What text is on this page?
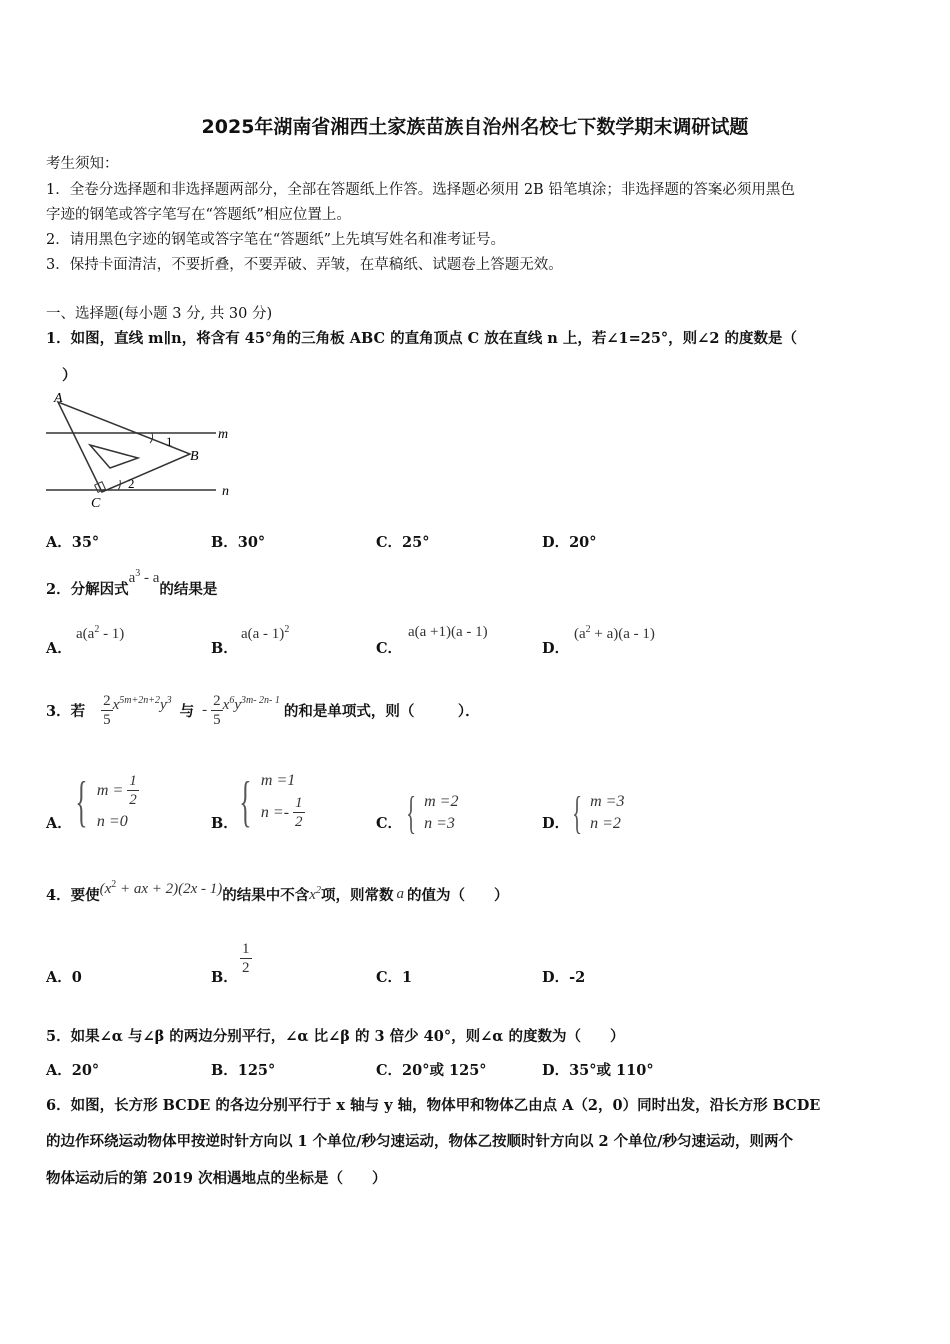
2025年湖南省湘西土家族苗族自治州名校七下数学期末调研试题
考生须知：
1．全卷分选择题和非选择题两部分，全部在答题纸上作答。选择题必须用 2B 铅笔填涂；非选择题的答案必须用黑色
字迹的钢笔或答字笔写在“答题纸”相应位置上。
2．请用黑色字迹的钢笔或答字笔在“答题纸”上先填写姓名和准考证号。
3．保持卡面清洁，不要折叠，不要弄破、弄皱，在草稿纸、试题卷上答题无效。
一、选择题(每小题 3 分, 共 30 分)
1．如图，直线 m∥n，将含有 45°角的三角板 ABC 的直角顶点 C 放在直线 n 上，若∠1=25°，则∠2 的度数是（
）
A
B
C
m
n
1
2
A．35°	B．30°	C．25°	D．20°
2．分解因式$a^3$ - a的结果是
A．
$a(a^2 - 1)$
B．
a(a - 1)$^2$
C．
a(a +1)(a - 1)
D．
$(a^2 + a)(a - 1)$
3．若 $\frac{2}{5} x^{5m+2n+2}y^3$
与 - $\frac{2}{5} x^6y^{3m- 2n- 1}$
的和是单项式，则（　　　）．
A． { $m = \frac{1}{2}$
n =0	B． { m =1
$n =- \frac{1}{2}$	C． { m =2
n =3	D． { m =3
n =2
4．要使 ($x^2$ + ax + 2)(2x - 1) 的结果中不含 $x^2$ 项，则常数 a 的值为（　　）
A．0	B．
$\frac{1}{2}$
C．1	D．-2
5．如果∠α 与∠β 的两边分别平行，∠α 比∠β 的 3 倍少 40°，则∠α 的度数为（　　）
A．20°	B．125°	C．20°或 125°	D．35°或 110°
6．如图，长方形 BCDE 的各边分别平行于 x 轴与 y 轴，物体甲和物体乙由点 A（2，0）同时出发，沿长方形 BCDE
的边作环绕运动物体甲按逆时针方向以 1 个单位/秒匀速运动，物体乙按顺时针方向以 2 个单位/秒匀速运动，则两个
物体运动后的第 2019 次相遇地点的坐标是（　　）
